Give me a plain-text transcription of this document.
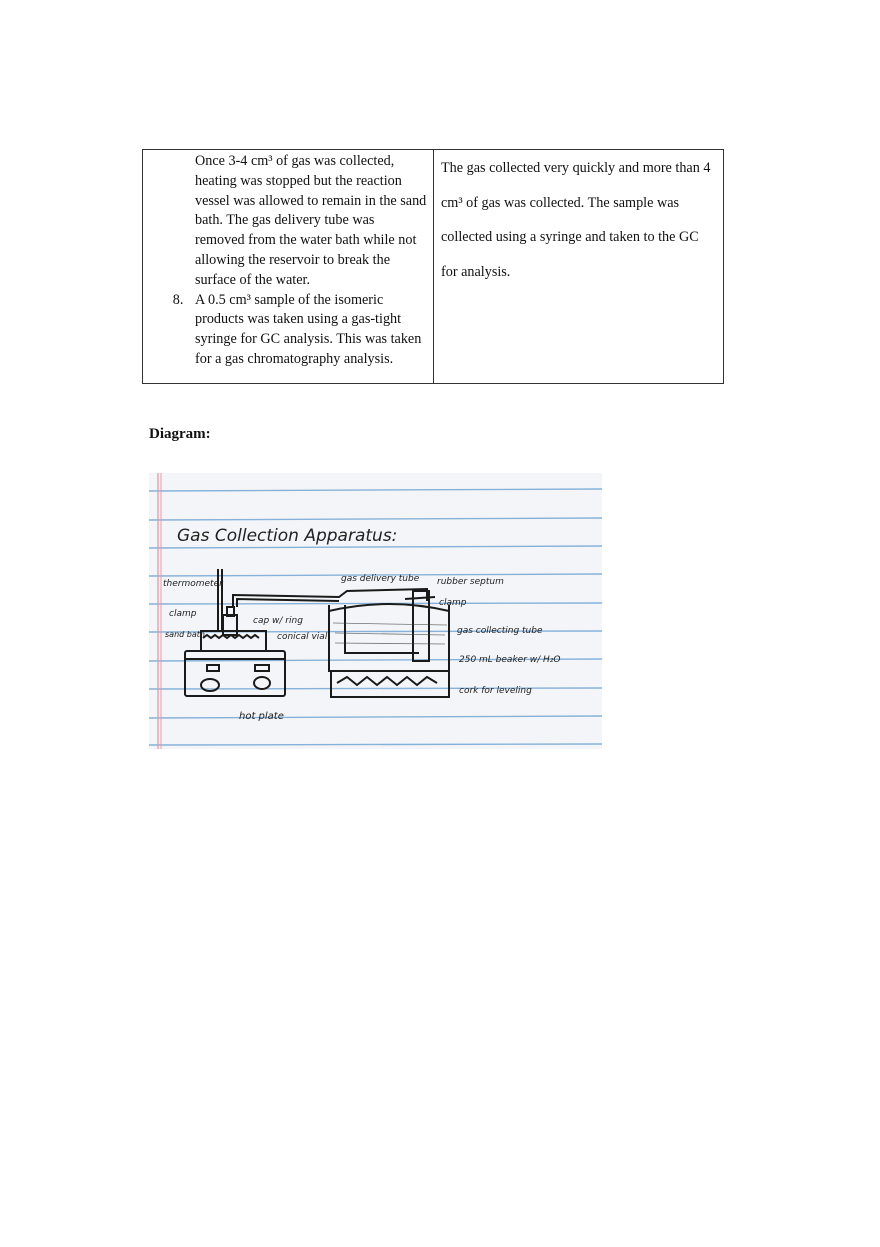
Once 3-4 cm³ of gas was collected, heating was stopped but the reaction vessel was allowed to remain in the sand bath. The gas delivery tube was removed from the water bath while not allowing the reservoir to break the surface of the water.
8. A 0.5 cm³ sample of the isomeric products was taken using a gas-tight syringe for GC analysis. This was taken for a gas chromatography analysis.
The gas collected very quickly and more than 4 cm³ of gas was collected. The sample was collected using a syringe and taken to the GC for analysis.
Diagram:
Gas Collection Apparatus:
thermometer
clamp
sand bath
cap w/ ring
conical vial
hot plate
gas delivery tube rubber septum
clamp
gas collecting tube
250 mL beaker w/ H₂O
cork for leveling
